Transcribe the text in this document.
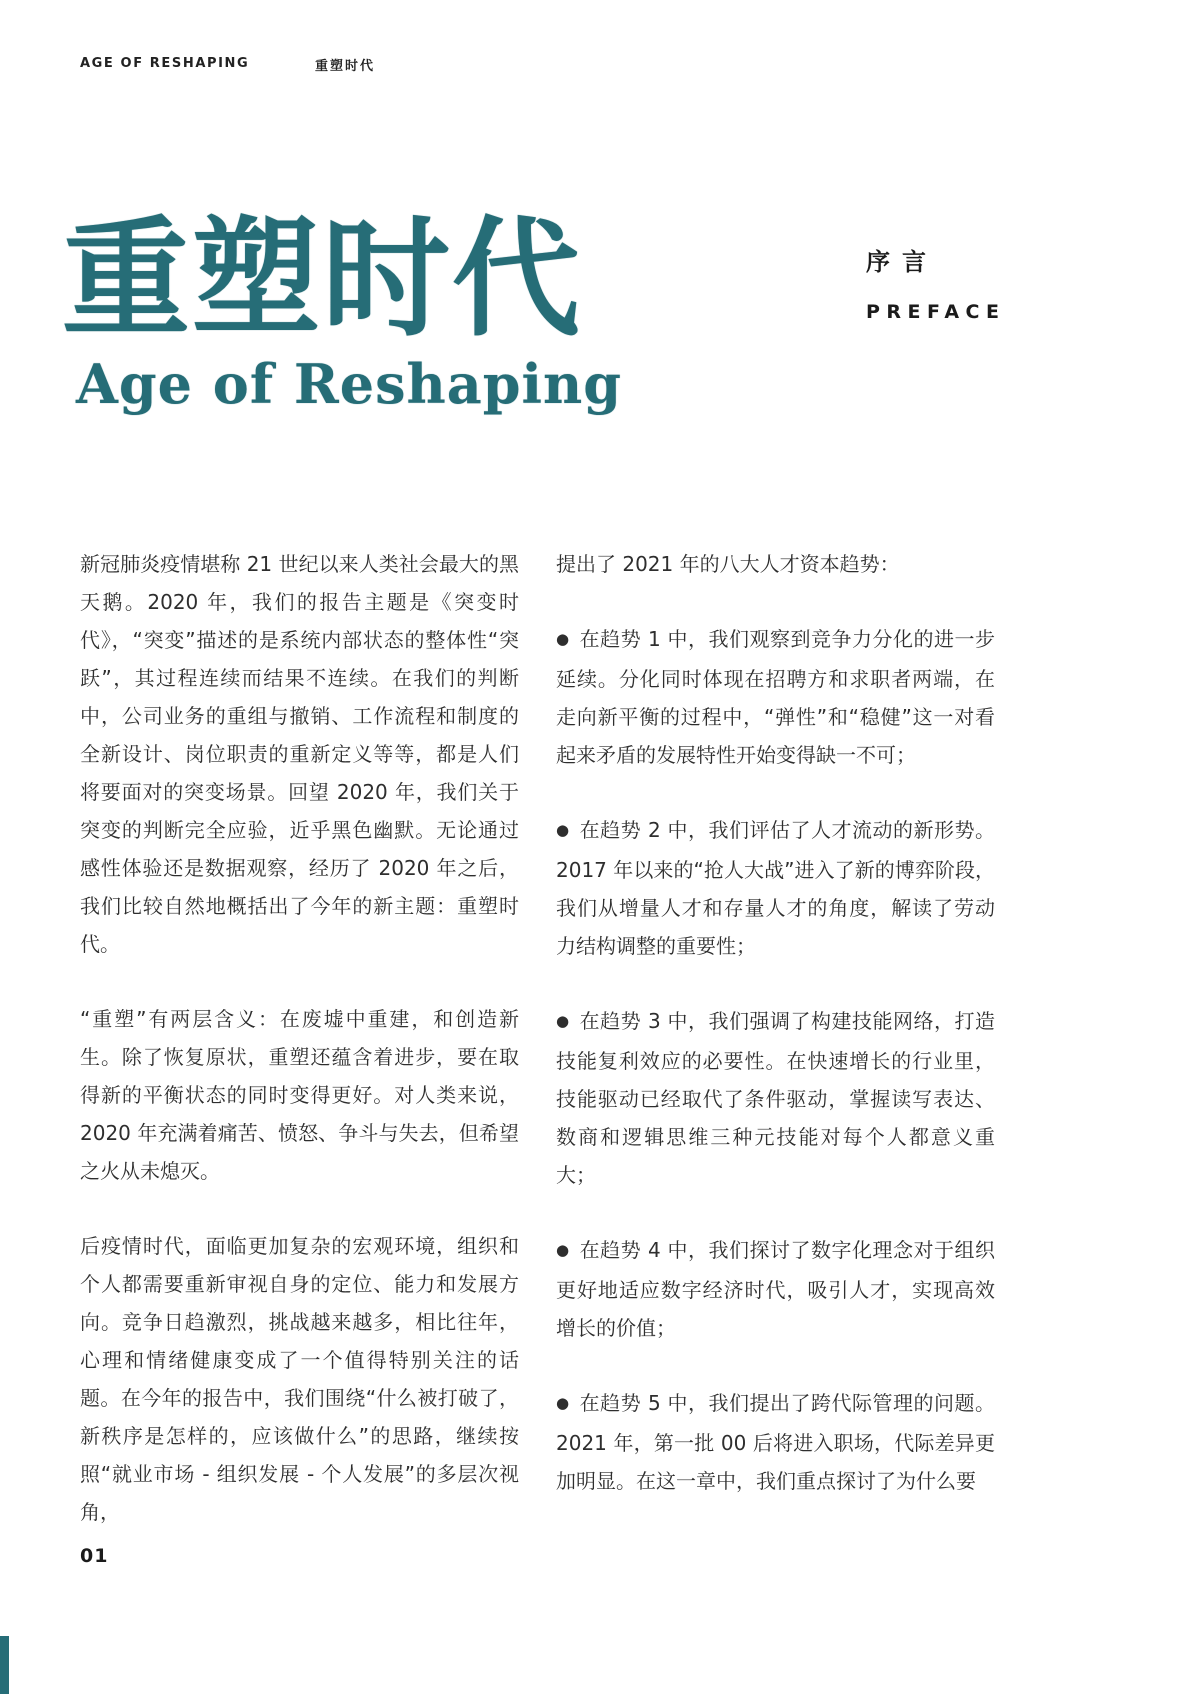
AGE OF RESHAPING	重塑时代
重塑时代
Age of Reshaping
序言
PREFACE

新冠肺炎疫情堪称 21 世纪以来人类社会最大的黑天鹅。2020 年，我们的报告主题是《突变时代》，“突变”描述的是系统内部状态的整体性“突跃”，其过程连续而结果不连续。在我们的判断中，公司业务的重组与撤销、工作流程和制度的全新设计、岗位职责的重新定义等等，都是人们将要面对的突变场景。回望 2020 年，我们关于突变的判断完全应验，近乎黑色幽默。无论通过感性体验还是数据观察，经历了 2020 年之后，我们比较自然地概括出了今年的新主题：重塑时代。

“重塑”有两层含义：在废墟中重建，和创造新生。除了恢复原状，重塑还蕴含着进步，要在取得新的平衡状态的同时变得更好。对人类来说，2020 年充满着痛苦、愤怒、争斗与失去，但希望之火从未熄灭。

后疫情时代，面临更加复杂的宏观环境，组织和个人都需要重新审视自身的定位、能力和发展方向。竞争日趋激烈，挑战越来越多，相比往年，心理和情绪健康变成了一个值得特别关注的话题。在今年的报告中，我们围绕“什么被打破了，新秩序是怎样的，应该做什么”的思路，继续按照“就业市场 - 组织发展 - 个人发展”的多层次视角，

提出了 2021 年的八大人才资本趋势：

● 在趋势 1 中，我们观察到竞争力分化的进一步延续。分化同时体现在招聘方和求职者两端，在走向新平衡的过程中，“弹性”和“稳健”这一对看起来矛盾的发展特性开始变得缺一不可；

● 在趋势 2 中，我们评估了人才流动的新形势。2017 年以来的“抢人大战”进入了新的博弈阶段，我们从增量人才和存量人才的角度，解读了劳动力结构调整的重要性；

● 在趋势 3 中，我们强调了构建技能网络，打造技能复利效应的必要性。在快速增长的行业里，技能驱动已经取代了条件驱动，掌握读写表达、数商和逻辑思维三种元技能对每个人都意义重大；

● 在趋势 4 中，我们探讨了数字化理念对于组织更好地适应数字经济时代，吸引人才，实现高效增长的价值；

● 在趋势 5 中，我们提出了跨代际管理的问题。2021 年，第一批 00 后将进入职场，代际差异更加明显。在这一章中，我们重点探讨了为什么要

01
